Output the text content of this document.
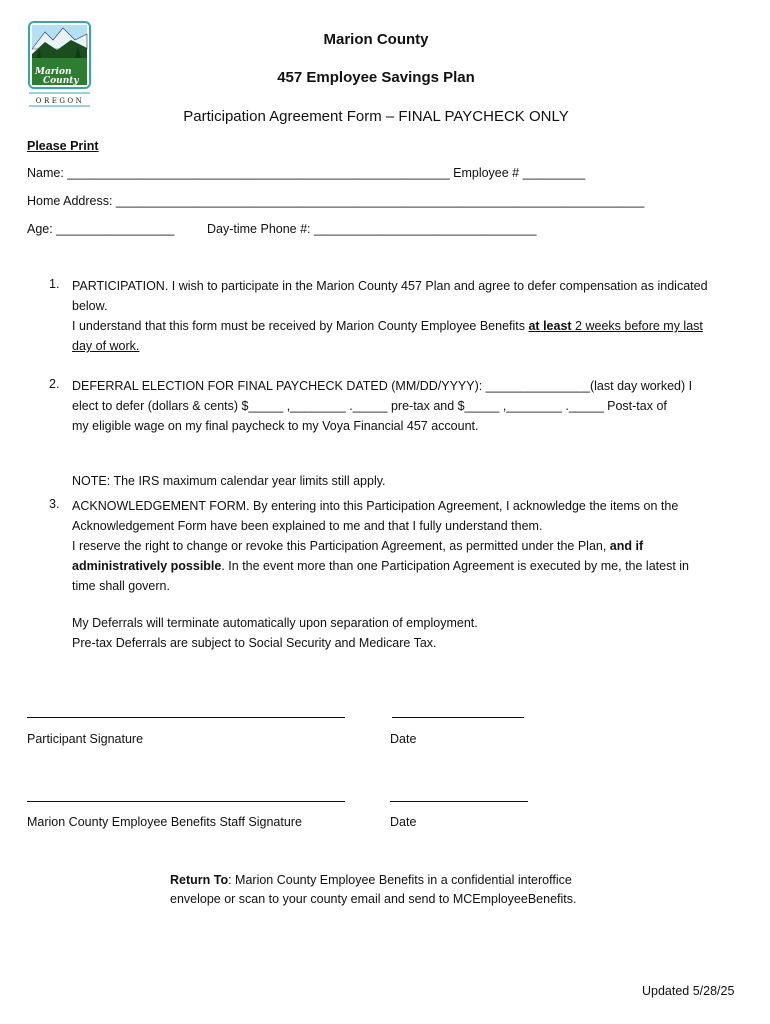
Marion
County
OREGON
Marion County
457 Employee Savings Plan
Participation Agreement Form – FINAL PAYCHECK ONLY
Please Print
Name: _______________________________________________________ Employee # _________
Home Address: ____________________________________________________________________________
Age: _________________	Day-time Phone #: ________________________________
1. PARTICIPATION. I wish to participate in the Marion County 457 Plan and agree to defer compensation as indicated
below.
I understand that this form must be received by Marion County Employee Benefits at least 2 weeks before my last
day of work.
2. DEFERRAL ELECTION FOR FINAL PAYCHECK DATED (MM/DD/YYYY): _______________(last day worked) I
elect to defer (dollars & cents) $_____ ,________ ._____ pre-tax and $_____ ,________ ._____ Post-tax of
my eligible wage on my final paycheck to my Voya Financial 457 account.
NOTE: The IRS maximum calendar year limits still apply.
3. ACKNOWLEDGEMENT FORM. By entering into this Participation Agreement, I acknowledge the items on the
Acknowledgement Form have been explained to me and that I fully understand them.
I reserve the right to change or revoke this Participation Agreement, as permitted under the Plan, and if
administratively possible. In the event more than one Participation Agreement is executed by me, the latest in
time shall govern.
My Deferrals will terminate automatically upon separation of employment.
Pre-tax Deferrals are subject to Social Security and Medicare Tax.
Participant Signature	Date
Marion County Employee Benefits Staff Signature	Date
Return To: Marion County Employee Benefits in a confidential interoffice
envelope or scan to your county email and send to MCEmployeeBenefits.
Updated 5/28/25
